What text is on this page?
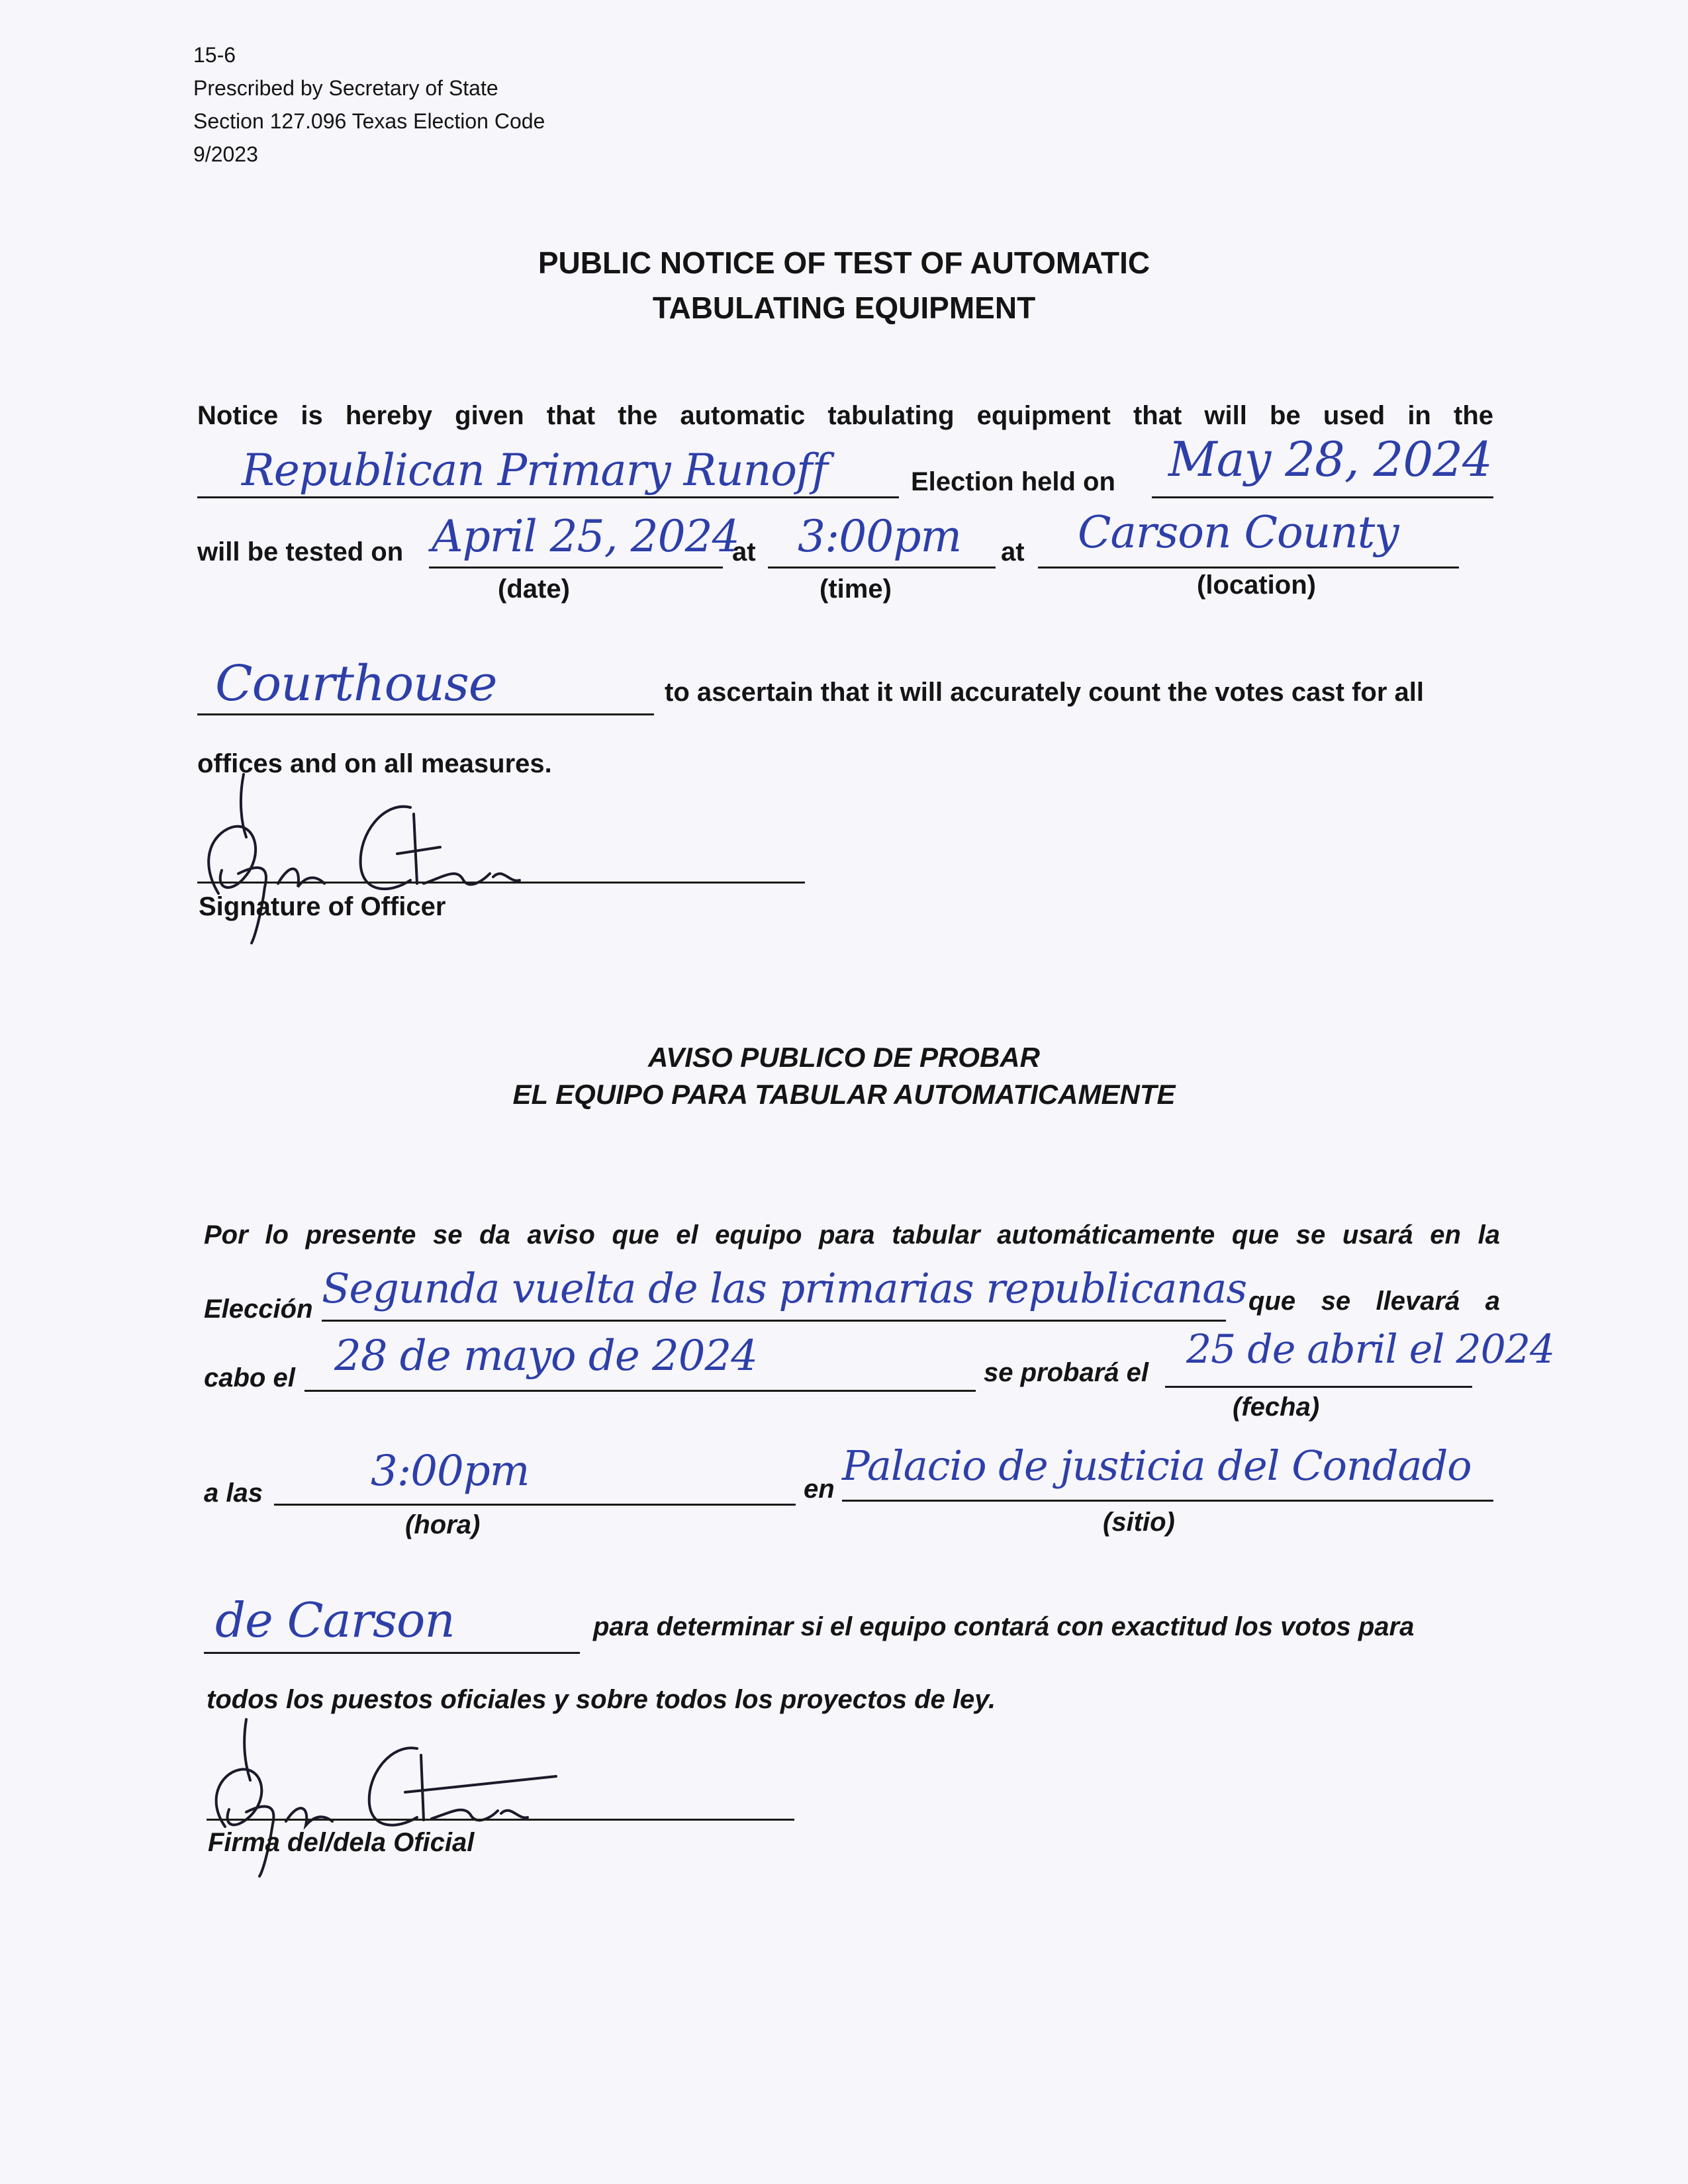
15-6
Prescribed by Secretary of State
Section 127.096 Texas Election Code
9/2023
PUBLIC NOTICE OF TEST OF AUTOMATIC
TABULATING EQUIPMENT
Notice is hereby given that the automatic tabulating equipment that will be used in the
Republican Primary Runoff	Election held on May 28, 2024
will be tested on April 25, 2024
at 3:00pm at Carson County
(date)	(time)	(location)
Courthouse	to ascertain that it will accurately count the votes cast for all
offices and on all measures.
Signature of Officer
AVISO PUBLICO DE PROBAR
EL EQUIPO PARA TABULAR AUTOMATICAMENTE
Por lo presente se da aviso que el equipo para tabular automáticamente que se usará en la
Elección Segunda vuelta de las primarias republicanas que se llevará a
cabo el 28 de mayo de 2024	se probará el 25 de abril el 2024
(fecha)
a las	3:00pm
(hora)
en Palacio de justicia del Condado
(sitio)
de Carson	para determinar si el equipo contará con exactitud los votos para
todos los puestos oficiales y sobre todos los proyectos de ley.
Firma del/dela Oficial
